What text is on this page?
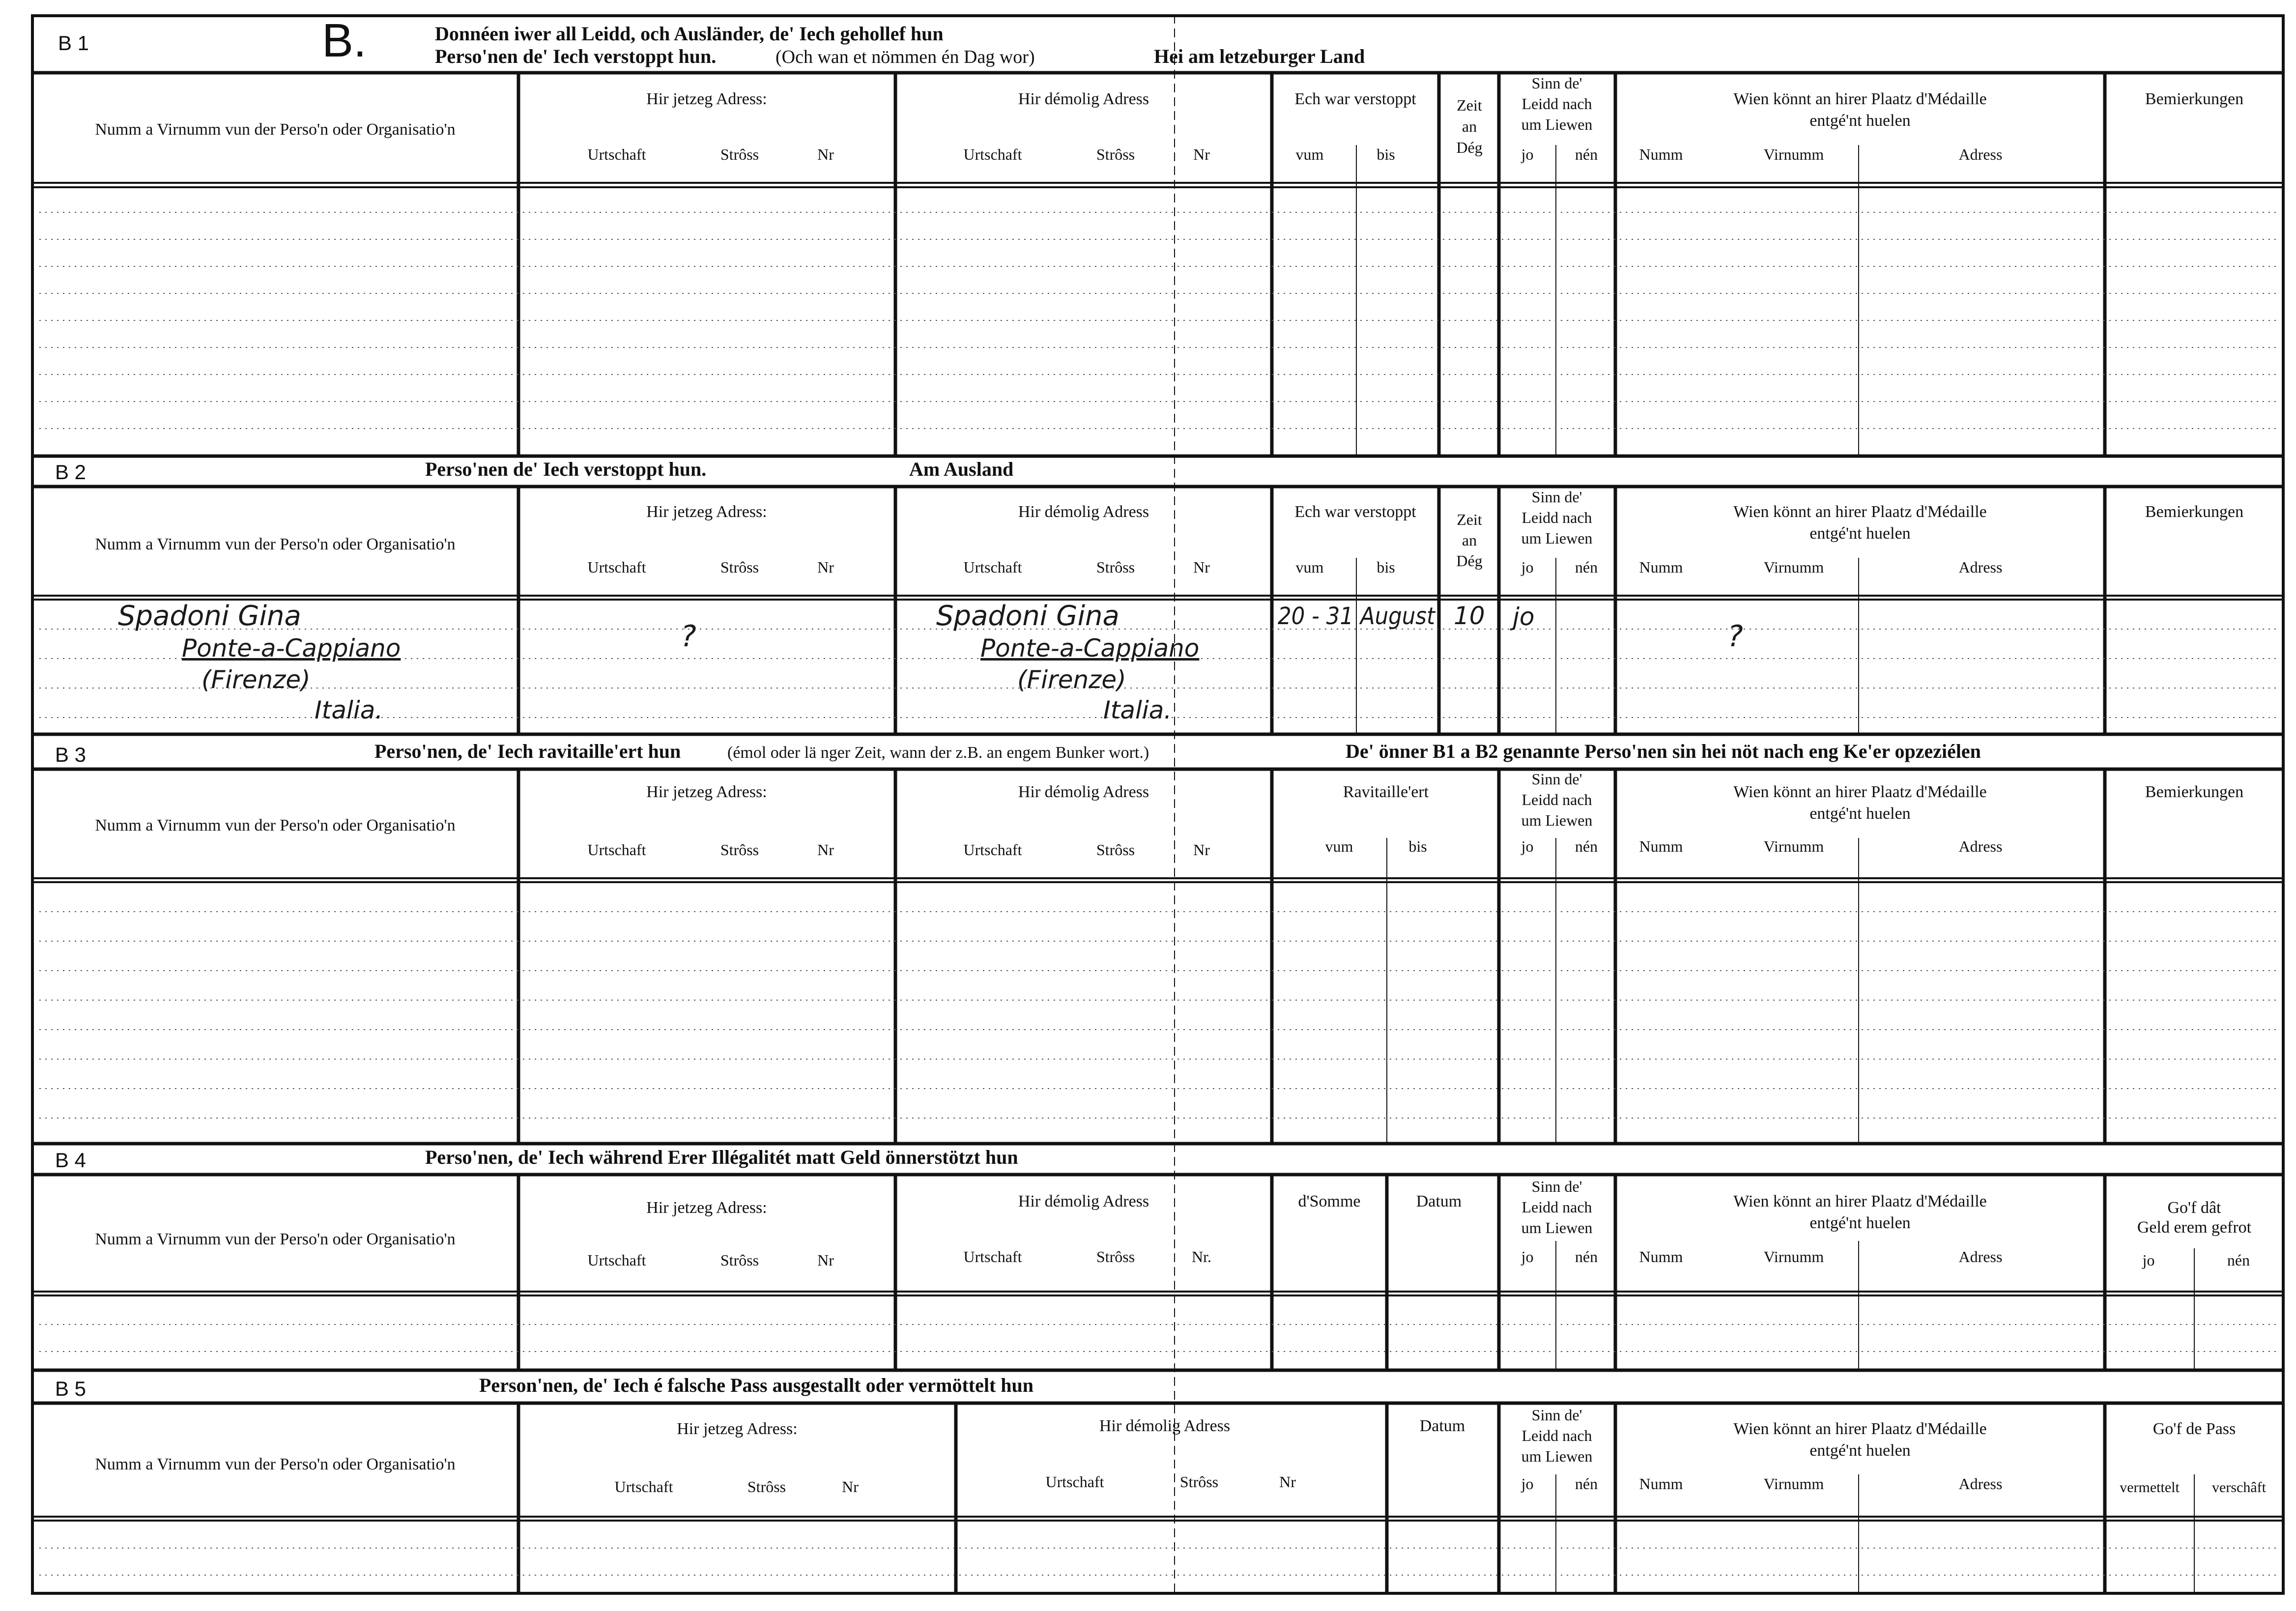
B 1	B.	Donnéen iwer all Leidd, och Ausländer, de' Iech gehollef hun
Perso'nen de' Iech verstoppt hun.	(Och wan et nömmen én Dag wor)	Hei am letzeburger Land
Numm a Virnumm vun der Perso'n oder Organisatio'n
Hir jetzeg Adress:
Urtschaft	Strôss	Nr
Hir démolig Adress
Urtschaft	Strôss	Nr
Ech war verstoppt
vum	bis
Zeit
an
Dég
Sinn de'
Leidd nach
um Liewen
jo	nén
Wien könnt an hirer Plaatz d'Médaille
entgé'nt huelen
Numm	Virnumm	Adress
Bemierkungen
B 2	Perso'nen de' Iech verstoppt hun.	Am Ausland
Numm a Virnumm vun der Perso'n oder Organisatio'n
Hir jetzeg Adress:
Urtschaft	Strôss	Nr
Hir démolig Adress
Urtschaft	Strôss	Nr
Ech war verstoppt
vum	bis
Zeit
an
Dég
Sinn de'
Leidd nach
um Liewen
jo	nén
Wien könnt an hirer Plaatz d'Médaille
entgé'nt huelen
Numm	Virnumm	Adress
Bemierkungen
Spadoni Gina
Ponte-a-Cappiano
(Firenze)
Italia.
?
Spadoni Gina
Ponte-a-Cappiano
(Firenze)
Italia.
20 - 31 August 10 jo
?
B 3	Perso'nen, de' Iech ravitaille'ert hun	(émol oder lä nger Zeit, wann der z.B. an engem Bunker wort.)	De' önner B1 a B2 genannte Perso'nen sin hei nöt nach eng Ke'er opzeziélen
Numm a Virnumm vun der Perso'n oder Organisatio'n
Hir jetzeg Adress:
Urtschaft	Strôss	Nr
Hir démolig Adress
Urtschaft	Strôss	Nr
Ravitaille'ert
vum	bis
Sinn de'
Leidd nach
um Liewen
jo	nén
Wien könnt an hirer Plaatz d'Médaille
entgé'nt huelen
Numm	Virnumm	Adress
Bemierkungen
B 4	Perso'nen, de' Iech während Erer Illégalitét matt Geld önnerstötzt hun
Numm a Virnumm vun der Perso'n oder Organisatio'n
Hir jetzeg Adress:
Urtschaft	Strôss	Nr
Hir démolig Adress
Urtschaft	Strôss	Nr.
d'Somme	Datum
Sinn de'
Leidd nach
um Liewen
jo	nén
Wien könnt an hirer Plaatz d'Médaille
entgé'nt huelen
Numm	Virnumm	Adress
Go'f dât
Geld erem gefrot
jo	nén
B 5	Person'nen, de' Iech é falsche Pass ausgestallt oder vermöttelt hun
Numm a Virnumm vun der Perso'n oder Organisatio'n
Hir jetzeg Adress:
Urtschaft	Strôss	Nr
Hir démolig Adress
Urtschaft	Strôss	Nr
Datum
Sinn de'
Leidd nach
um Liewen
jo	nén
Wien könnt an hirer Plaatz d'Médaille
entgé'nt huelen
Numm	Virnumm	Adress
Go'f de Pass
vermettelt verschâft
